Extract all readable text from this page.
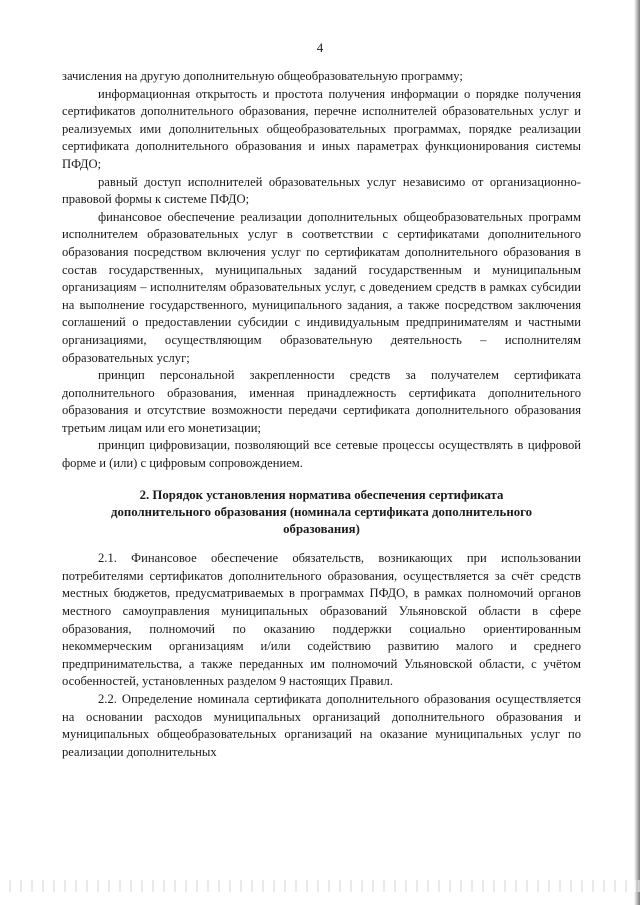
4

зачисления на другую дополнительную общеобразовательную программу;

информационная открытость и простота получения информации о порядке получения сертификатов дополнительного образования, перечне исполнителей образовательных услуг и реализуемых ими дополнительных общеобразовательных программах, порядке реализации сертификата дополнительного образования и иных параметрах функционирования системы ПФДО;

равный доступ исполнителей образовательных услуг независимо от организационно-правовой формы к системе ПФДО;

финансовое обеспечение реализации дополнительных общеобразовательных программ исполнителем образовательных услуг в соответствии с сертификатами дополнительного образования посредством включения услуг по сертификатам дополнительного образования в состав государственных, муниципальных заданий государственным и муниципальным организациям – исполнителям образовательных услуг, с доведением средств в рамках субсидии на выполнение государственного, муниципального задания, а также посредством заключения соглашений о предоставлении субсидии с индивидуальным предпринимателям и частными организациями, осуществляющим образовательную деятельность – исполнителям образовательных услуг;

принцип персональной закрепленности средств за получателем сертификата дополнительного образования, именная принадлежность сертификата дополнительного образования и отсутствие возможности передачи сертификата дополнительного образования третьим лицам или его монетизации;

принцип цифровизации, позволяющий все сетевые процессы осуществлять в цифровой форме и (или) с цифровым сопровождением.

2. Порядок установления норматива обеспечения сертификата
дополнительного образования (номинала сертификата дополнительного
образования)

2.1. Финансовое обеспечение обязательств, возникающих при использовании потребителями сертификатов дополнительного образования, осуществляется за счёт средств местных бюджетов, предусматриваемых в программах ПФДО, в рамках полномочий органов местного самоуправления муниципальных образований Ульяновской области в сфере образования, полномочий по оказанию поддержки социально ориентированным некоммерческим организациям и/или содействию развитию малого и среднего предпринимательства, а также переданных им полномочий Ульяновской области, с учётом особенностей, установленных разделом 9 настоящих Правил.

2.2. Определение номинала сертификата дополнительного образования осуществляется на основании расходов муниципальных организаций дополнительного образования и муниципальных общеобразовательных организаций на оказание муниципальных услуг по реализации дополнительных
